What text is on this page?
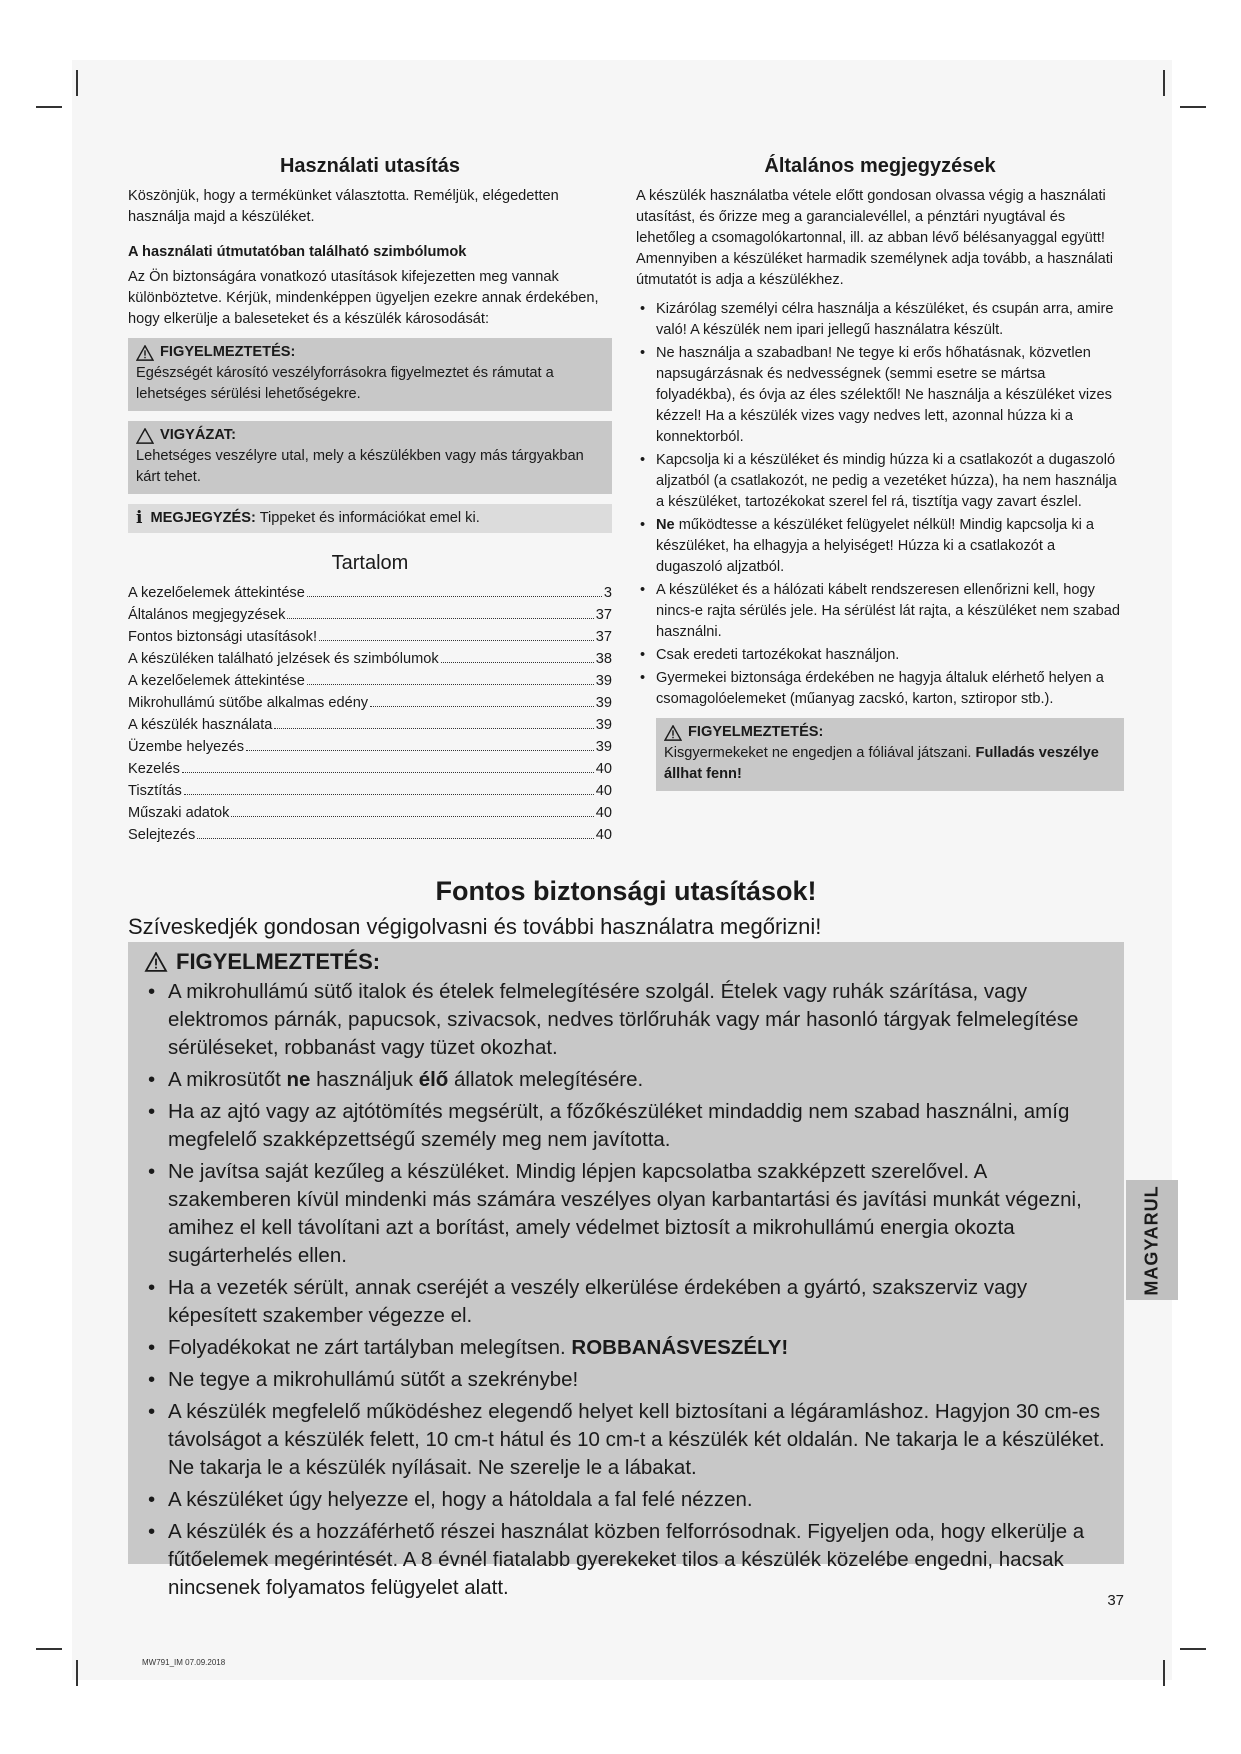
Használati utasítás

Köszönjük, hogy a termékünket választotta. Reméljük, elégedetten használja majd a készüléket.

A használati útmutatóban található szimbólumok

Az Ön biztonságára vonatkozó utasítások kifejezetten meg vannak különböztetve. Kérjük, mindenképpen ügyeljen ezekre annak érdekében, hogy elkerülje a baleseteket és a készülék károsodását:

FIGYELMEZTETÉS:
Egészségét károsító veszélyforrásokra figyelmeztet és rámutat a lehetséges sérülési lehetőségekre.
VIGYÁZAT:
Lehetséges veszélyre utal, mely a készülékben vagy más tárgyakban kárt tehet.
i MEGJEGYZÉS: Tippeket és információkat emel ki.
Tartalom
A kezelőelemek áttekintése	3
Általános megjegyzések	37
Fontos biztonsági utasítások!	37
A készüléken található jelzések és szimbólumok	38
A kezelőelemek áttekintése	39
Mikrohullámú sütőbe alkalmas edény	39
A készülék használata	39
Üzembe helyezés	39
Kezelés	40
Tisztítás	40
Műszaki adatok	40
Selejtezés	40
Általános megjegyzések

A készülék használatba vétele előtt gondosan olvassa végig a használati utasítást, és őrizze meg a garancialevéllel, a pénztári nyugtával és lehetőleg a csomagolókartonnal, ill. az abban lévő bélésanyaggal együtt! Amennyiben a készüléket harmadik személynek adja tovább, a használati útmutatót is adja a készülékhez.

• Kizárólag személyi célra használja a készüléket, és csupán arra, amire való! A készülék nem ipari jellegű használatra készült.
• Ne használja a szabadban! Ne tegye ki erős hőhatásnak, közvetlen napsugárzásnak és nedvességnek (semmi esetre se mártsa folyadékba), és óvja az éles szélektől! Ne használja a készüléket vizes kézzel! Ha a készülék vizes vagy nedves lett, azonnal húzza ki a konnektorból.
• Kapcsolja ki a készüléket és mindig húzza ki a csatlakozót a dugaszoló aljzatból (a csatlakozót, ne pedig a vezetéket húzza), ha nem használja a készüléket, tartozékokat szerel fel rá, tisztítja vagy zavart észlel.
• Ne működtesse a készüléket felügyelet nélkül! Mindig kapcsolja ki a készüléket, ha elhagyja a helyiséget! Húzza ki a csatlakozót a dugaszoló aljzatból.
• A készüléket és a hálózati kábelt rendszeresen ellenőrizni kell, hogy nincs-e rajta sérülés jele. Ha sérülést lát rajta, a készüléket nem szabad használni.
• Csak eredeti tartozékokat használjon.
• Gyermekei biztonsága érdekében ne hagyja általuk elérhető helyen a csomagolóelemeket (műanyag zacskó, karton, sztiropor stb.).
FIGYELMEZTETÉS:
Kisgyermekeket ne engedjen a fóliával játszani. Fulladás veszélye állhat fenn!
Fontos biztonsági utasítások!
Szíveskedjék gondosan végigolvasni és további használatra megőrizni!
FIGYELMEZTETÉS:
• A mikrohullámú sütő italok és ételek felmelegítésére szolgál. Ételek vagy ruhák szárítása, vagy elektromos párnák, papucsok, szivacsok, nedves törlőruhák vagy már hasonló tárgyak felmelegítése sérüléseket, robbanást vagy tüzet okozhat.
• A mikrosütőt ne használjuk élő állatok melegítésére.
• Ha az ajtó vagy az ajtótömítés megsérült, a főzőkészüléket mindaddig nem szabad használni, amíg megfelelő szakképzettségű személy meg nem javította.
• Ne javítsa saját kezűleg a készüléket. Mindig lépjen kapcsolatba szakképzett szerelővel. A szakemberen kívül mindenki más számára veszélyes olyan karbantartási és javítási munkát végezni, amihez el kell távolítani azt a borítást, amely védelmet biztosít a mikrohullámú energia okozta sugárterhelés ellen.
• Ha a vezeték sérült, annak cseréjét a veszély elkerülése érdekében a gyártó, szakszerviz vagy képesített szakember végezze el.
• Folyadékokat ne zárt tartályban melegítsen. ROBBANÁSVESZÉLY!
• Ne tegye a mikrohullámú sütőt a szekrénybe!
• A készülék megfelelő működéshez elegendő helyet kell biztosítani a légáramláshoz. Hagyjon 30 cm-es távolságot a készülék felett, 10 cm-t hátul és 10 cm-t a készülék két oldalán. Ne takarja le a készüléket. Ne takarja le a készülék nyílásait. Ne szerelje le a lábakat.
• A készüléket úgy helyezze el, hogy a hátoldala a fal felé nézzen.
• A készülék és a hozzáférhető részei használat közben felforrósodnak. Figyeljen oda, hogy elkerülje a fűtőelemek megérintését. A 8 évnél fiatalabb gyerekeket tilos a készülék közelébe engedni, hacsak nincsenek folyamatos felügyelet alatt.
MAGYARUL
37
MW791_IM 07.09.2018
